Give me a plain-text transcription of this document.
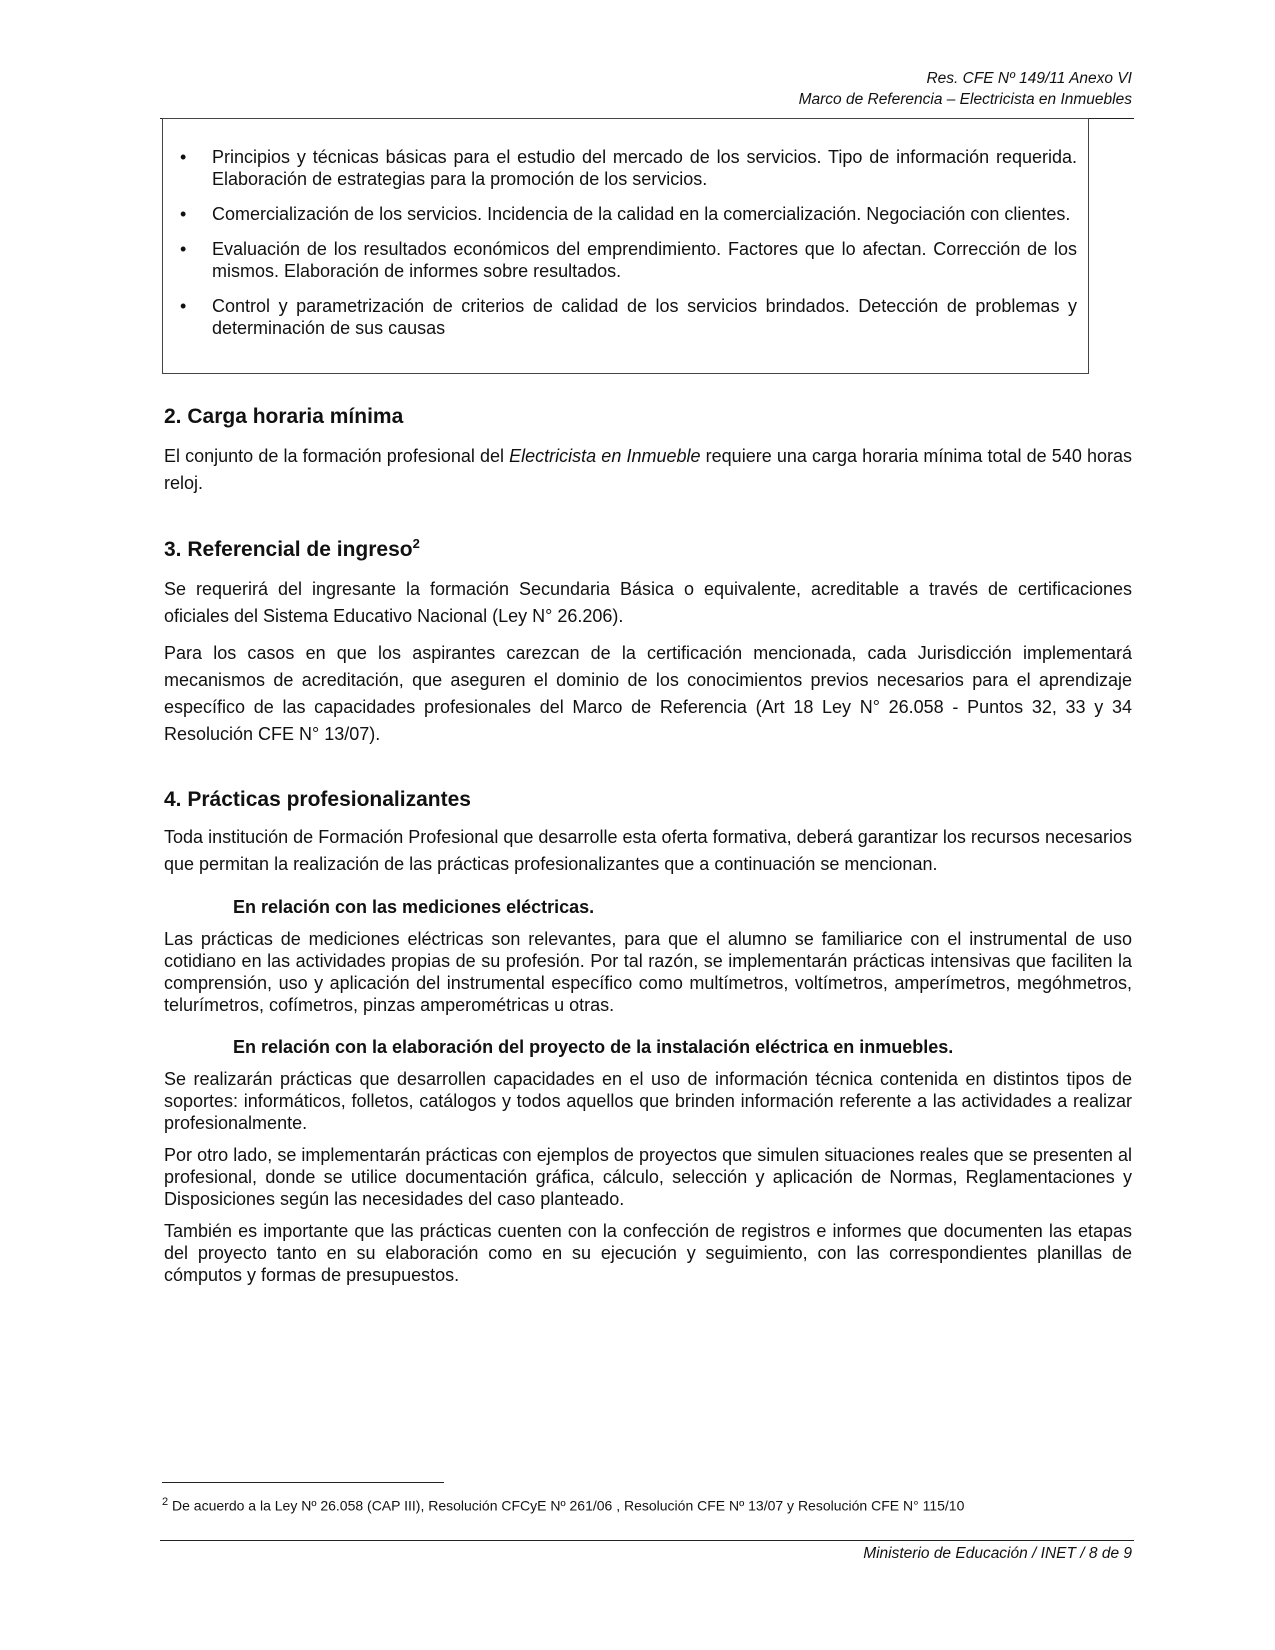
Res. CFE Nº 149/11 Anexo VI
Marco de Referencia – Electricista en Inmuebles
• Principios y técnicas básicas para el estudio del mercado de los servicios. Tipo de información requerida. Elaboración de estrategias para la promoción de los servicios.
• Comercialización de los servicios. Incidencia de la calidad en la comercialización. Negociación con clientes.
• Evaluación de los resultados económicos del emprendimiento. Factores que lo afectan. Corrección de los mismos. Elaboración de informes sobre resultados.
• Control y parametrización de criterios de calidad de los servicios brindados. Detección de problemas y determinación de sus causas
2. Carga horaria mínima

El conjunto de la formación profesional del Electricista en Inmueble requiere una carga horaria mínima total de 540 horas reloj.

3. Referencial de ingreso$^2$

Se requerirá del ingresante la formación Secundaria Básica o equivalente, acreditable a través de certificaciones oficiales del Sistema Educativo Nacional (Ley N° 26.206).

Para los casos en que los aspirantes carezcan de la certificación mencionada, cada Jurisdicción implementará mecanismos de acreditación, que aseguren el dominio de los conocimientos previos necesarios para el aprendizaje específico de las capacidades profesionales del Marco de Referencia (Art 18 Ley N° 26.058 - Puntos 32, 33 y 34 Resolución CFE N° 13/07).

4. Prácticas profesionalizantes

Toda institución de Formación Profesional que desarrolle esta oferta formativa, deberá garantizar los recursos necesarios que permitan la realización de las prácticas profesionalizantes que a continuación se mencionan.

En relación con las mediciones eléctricas.

Las prácticas de mediciones eléctricas son relevantes, para que el alumno se familiarice con el instrumental de uso cotidiano en las actividades propias de su profesión. Por tal razón, se implementarán prácticas intensivas que faciliten la comprensión, uso y aplicación del instrumental específico como multímetros, voltímetros, amperímetros, megóhmetros, telurímetros, cofímetros, pinzas amperométricas u otras.

En relación con la elaboración del proyecto de la instalación eléctrica en inmuebles.

Se realizarán prácticas que desarrollen capacidades en el uso de información técnica contenida en distintos tipos de soportes: informáticos, folletos, catálogos y todos aquellos que brinden información referente a las actividades a realizar profesionalmente.

Por otro lado, se implementarán prácticas con ejemplos de proyectos que simulen situaciones reales que se presenten al profesional, donde se utilice documentación gráfica, cálculo, selección y aplicación de Normas, Reglamentaciones y Disposiciones según las necesidades del caso planteado.

También es importante que las prácticas cuenten con la confección de registros e informes que documenten las etapas del proyecto tanto en su elaboración como en su ejecución y seguimiento, con las correspondientes planillas de cómputos y formas de presupuestos.

$^2$ De acuerdo a la Ley Nº 26.058 (CAP III), Resolución CFCyE Nº 261/06 , Resolución CFE Nº 13/07 y Resolución CFE N° 115/10
Ministerio de Educación / INET / 8 de 9
